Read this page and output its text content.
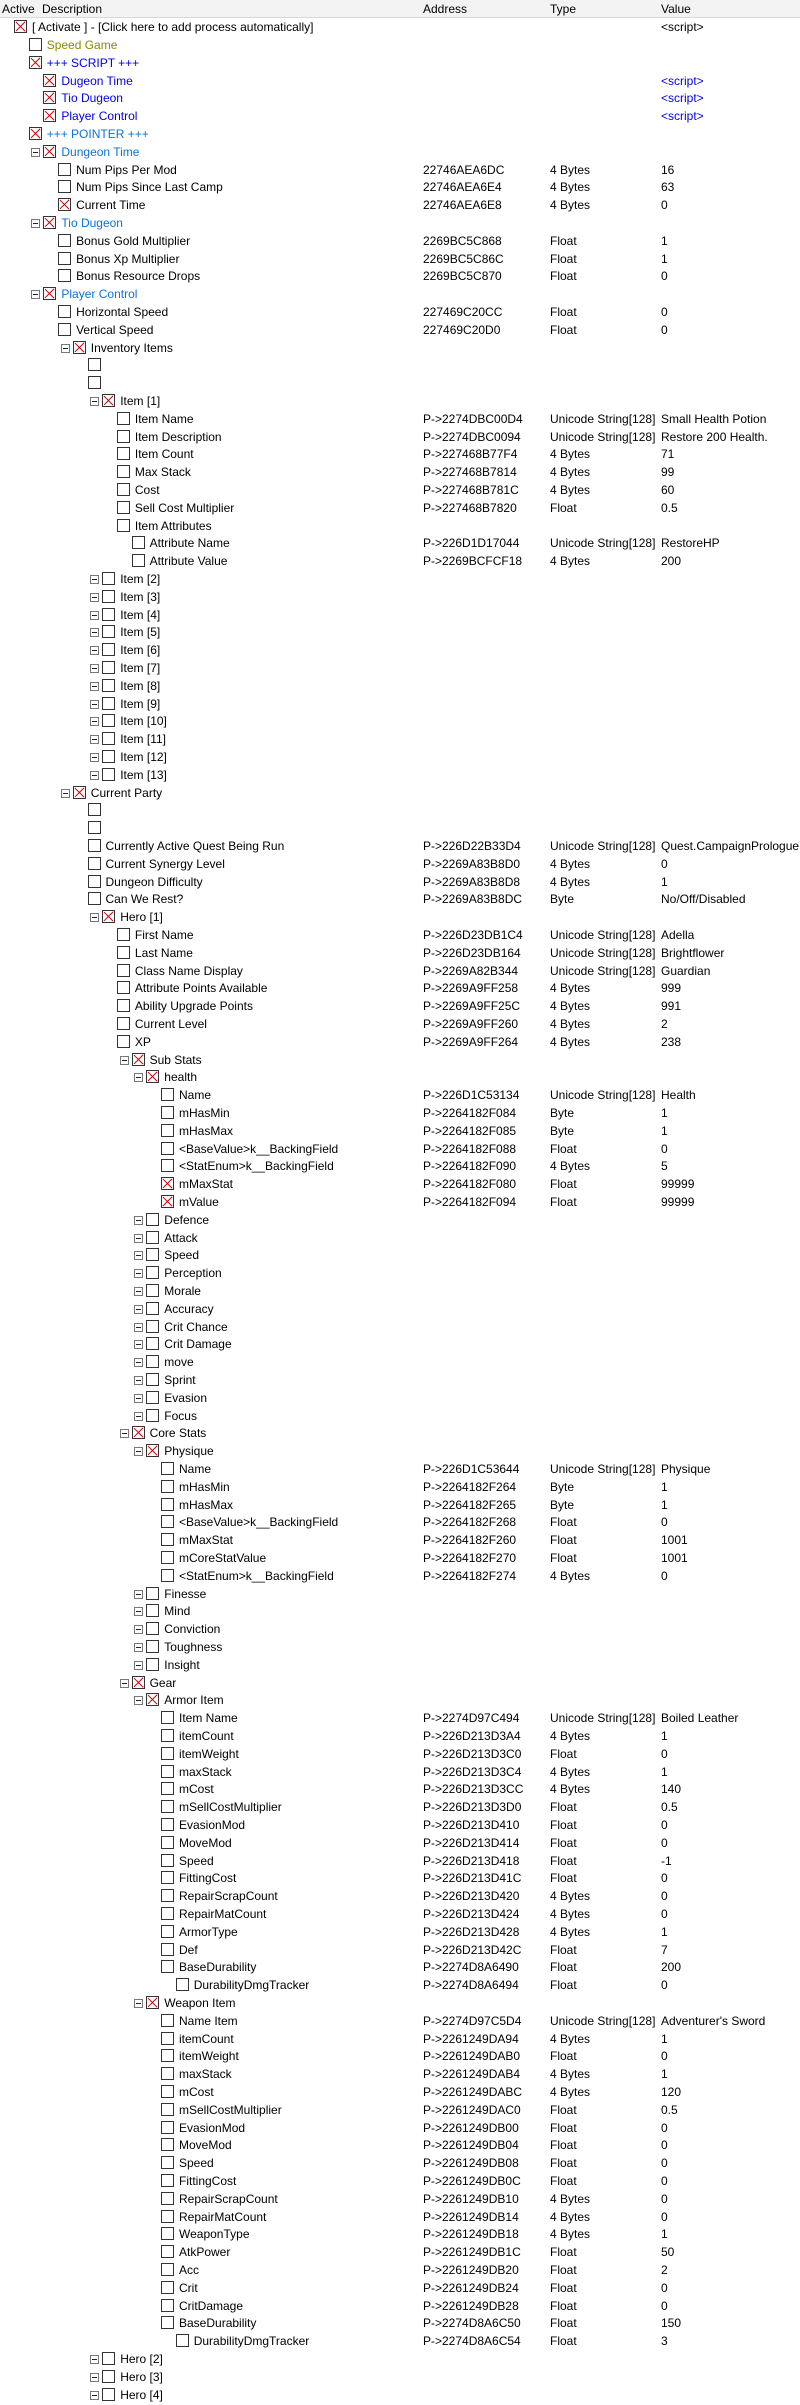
Active Description	Address	Type	Value
[ Activate ] - [Click here to add process automatically]	<script>
Speed Game
+++ SCRIPT +++
Dugeon Time	<script>
Tio Dugeon	<script>
Player Control	<script>
+++ POINTER +++
Dungeon Time
Num Pips Per Mod	22746AEA6DC	4 Bytes	16
Num Pips Since Last Camp	22746AEA6E4	4 Bytes	63
Current Time	22746AEA6E8	4 Bytes	0
Tio Dugeon
Bonus Gold Multiplier	2269BC5C868	Float	1
Bonus Xp Multiplier	2269BC5C86C	Float	1
Bonus Resource Drops	2269BC5C870	Float	0
Player Control
Horizontal Speed	227469C20CC	Float	0
Vertical Speed	227469C20D0	Float	0
Inventory Items
Item [1]
Item Name	P->2274DBC00D4 Unicode String[128] Small Health Potion
Item Description	P->2274DBC0094 Unicode String[128] Restore 200 Health.
Item Count	P->227468B77F4	4 Bytes	71
Max Stack	P->227468B7814	4 Bytes	99
Cost	P->227468B781C	4 Bytes	60
Sell Cost Multiplier	P->227468B7820	Float	0.5
Item Attributes
Attribute Name	P->226D1D17044	Unicode String[128] RestoreHP
Attribute Value	P->2269BCFCF18 4 Bytes	200
Item [2]
Item [3]
Item [4]
Item [5]
Item [6]
Item [7]
Item [8]
Item [9]
Item [10]
Item [11]
Item [12]
Item [13]
Current Party
Currently Active Quest Being Run	P->226D22B33D4 Unicode String[128] Quest.CampaignPrologue
Current Synergy Level	P->2269A83B8D0 4 Bytes	0
Dungeon Difficulty	P->2269A83B8D8 4 Bytes	1
Can We Rest?	P->2269A83B8DC Byte	No/Off/Disabled
Hero [1]
First Name	P->226D23DB1C4 Unicode String[128] Adella
Last Name	P->226D23DB164 Unicode String[128] Brightflower
Class Name Display	P->2269A82B344	Unicode String[128] Guardian
Attribute Points Available	P->2269A9FF258	4 Bytes	999
Ability Upgrade Points	P->2269A9FF25C 4 Bytes	991
Current Level	P->2269A9FF260	4 Bytes	2
XP	P->2269A9FF264	4 Bytes	238
Sub Stats
health
Name	P->226D1C53134	Unicode String[128] Health
mHasMin	P->2264182F084	Byte	1
mHasMax	P->2264182F085	Byte	1
<BaseValue>k__BackingField	P->2264182F088	Float	0
<StatEnum>k__BackingField	P->2264182F090	4 Bytes	5
mMaxStat	P->2264182F080	Float	99999
mValue	P->2264182F094	Float	99999
Defence
Attack
Speed
Perception
Morale
Accuracy
Crit Chance
Crit Damage
move
Sprint
Evasion
Focus
Core Stats
Physique
Name	P->226D1C53644	Unicode String[128] Physique
mHasMin	P->2264182F264	Byte	1
mHasMax	P->2264182F265	Byte	1
<BaseValue>k__BackingField	P->2264182F268	Float	0
mMaxStat	P->2264182F260	Float	1001
mCoreStatValue	P->2264182F270	Float	1001
<StatEnum>k__BackingField	P->2264182F274	4 Bytes	0
Finesse
Mind
Conviction
Toughness
Insight
Gear
Armor Item
Item Name	P->2274D97C494	Unicode String[128] Boiled Leather
itemCount	P->226D213D3A4 4 Bytes	1
itemWeight	P->226D213D3C0 Float	0
maxStack	P->226D213D3C4 4 Bytes	1
mCost	P->226D213D3CC 4 Bytes	140
mSellCostMultiplier	P->226D213D3D0 Float	0.5
EvasionMod	P->226D213D410	Float	0
MoveMod	P->226D213D414	Float	0
Speed	P->226D213D418	Float	-1
FittingCost	P->226D213D41C Float	0
RepairScrapCount	P->226D213D420	4 Bytes	0
RepairMatCount	P->226D213D424	4 Bytes	0
ArmorType	P->226D213D428	4 Bytes	1
Def	P->226D213D42C Float	7
BaseDurability	P->2274D8A6490	Float	200
DurabilityDmgTracker	P->2274D8A6494	Float	0
Weapon Item
Name Item	P->2274D97C5D4 Unicode String[128] Adventurer's Sword
itemCount	P->2261249DA94	4 Bytes	1
itemWeight	P->2261249DAB0 Float	0
maxStack	P->2261249DAB4 4 Bytes	1
mCost	P->2261249DABC 4 Bytes	120
mSellCostMultiplier	P->2261249DAC0 Float	0.5
EvasionMod	P->2261249DB00	Float	0
MoveMod	P->2261249DB04	Float	0
Speed	P->2261249DB08	Float	0
FittingCost	P->2261249DB0C Float	0
RepairScrapCount	P->2261249DB10	4 Bytes	0
RepairMatCount	P->2261249DB14	4 Bytes	0
WeaponType	P->2261249DB18	4 Bytes	1
AtkPower	P->2261249DB1C Float	50
Acc	P->2261249DB20	Float	2
Crit	P->2261249DB24	Float	0
CritDamage	P->2261249DB28	Float	0
BaseDurability	P->2274D8A6C50 Float	150
DurabilityDmgTracker	P->2274D8A6C54 Float	3
Hero [2]
Hero [3]
Hero [4]
